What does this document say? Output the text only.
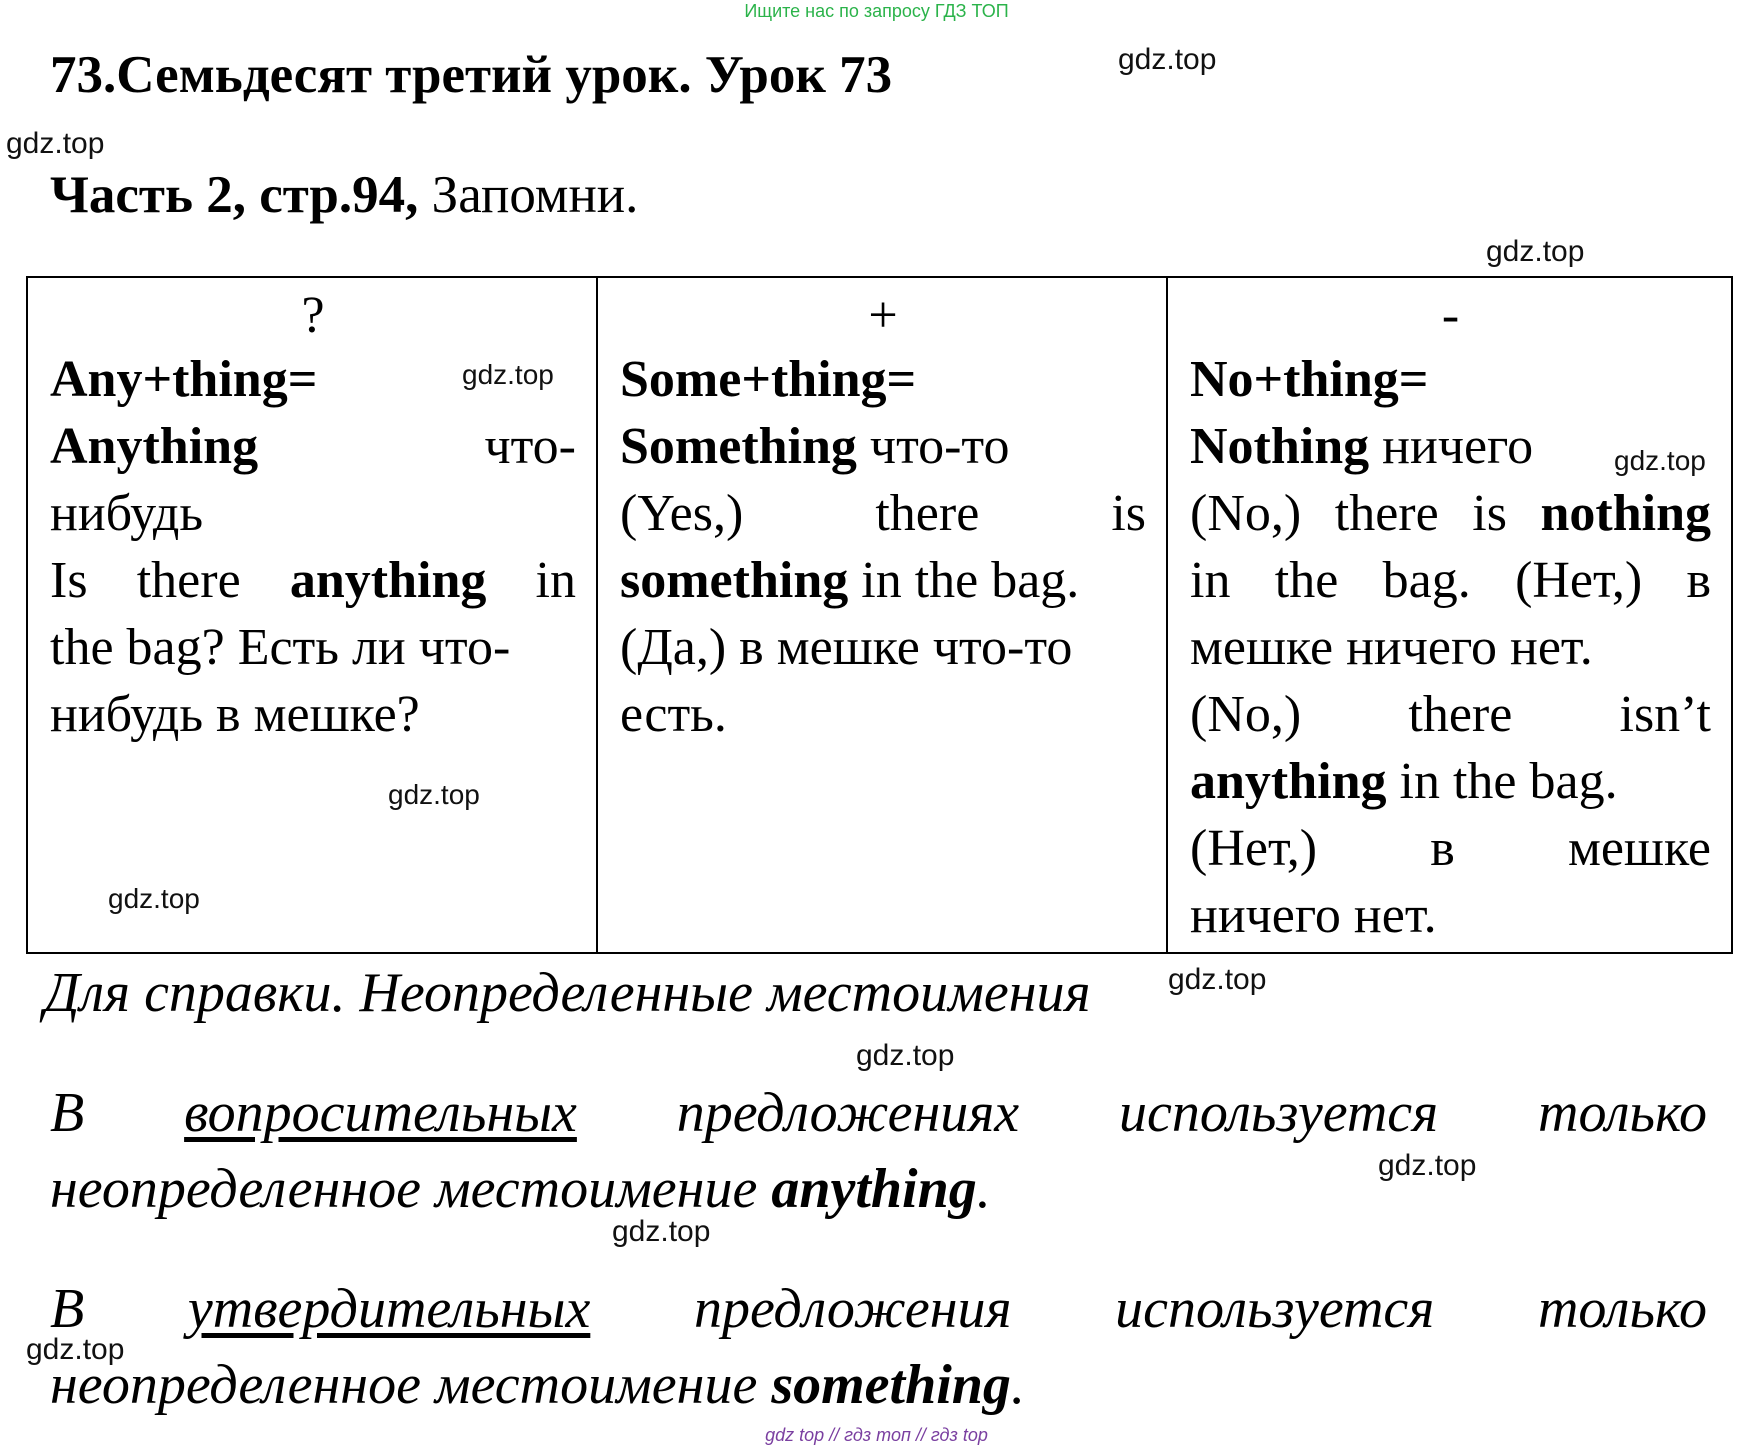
Ищите нас по запросу ГДЗ ТОП
73.Семьдесят третий урок. Урок 73
Часть 2, стр.94, Запомни.
gdz.top
gdz.top
gdz.top
?
Any+thing=
Anything	что-
нибудь
Is there anything in
the bag? Есть ли что-
нибудь в мешке?
gdz.top
gdz.top
gdz.top

+
Some+thing=
Something что-то
(Yes,)	there	is
something in the bag.
(Да,) в мешке что-то
есть.

-
No+thing=
Nothing ничего
(No,) there is nothing
in the bag. (Нет,) в
мешке ничего нет.
(No,) there isn’t
anything in the bag.
(Нет,) в мешке
ничего нет.
gdz.top
Для справки. Неопределенные местоимения	gdz.top
gdz.top
В вопросительных предложениях используется только
неопределенное местоимение anything.	gdz.top
gdz.top
В утвердительных предложения используется только
gdz.top
неопределенное местоимение something.
gdz top // гдз топ // гдз top
